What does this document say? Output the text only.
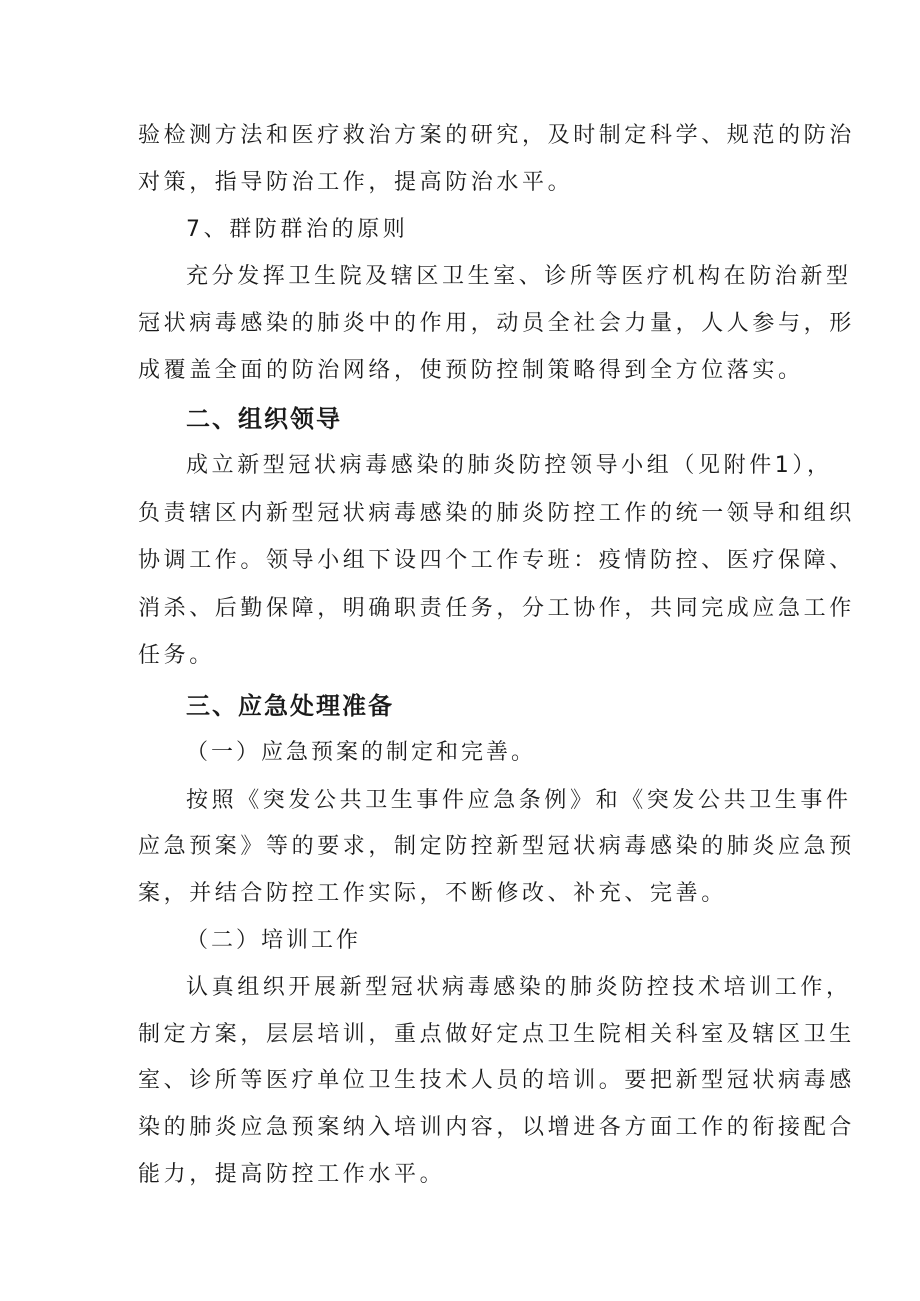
验检测方法和医疗救治方案的研究，及时制定科学、规范的防治
对策，指导防治工作，提高防治水平。
7、群防群治的原则
充分发挥卫生院及辖区卫生室、诊所等医疗机构在防治新型
冠状病毒感染的肺炎中的作用，动员全社会力量，人人参与，形
成覆盖全面的防治网络，使预防控制策略得到全方位落实。
二、组织领导
成立新型冠状病毒感染的肺炎防控领导小组（见附件1），
负责辖区内新型冠状病毒感染的肺炎防控工作的统一领导和组织
协调工作。领导小组下设四个工作专班：疫情防控、医疗保障、
消杀、后勤保障，明确职责任务，分工协作，共同完成应急工作
任务。
三、应急处理准备
（一）应急预案的制定和完善。
按照《突发公共卫生事件应急条例》和《突发公共卫生事件
应急预案》等的要求，制定防控新型冠状病毒感染的肺炎应急预
案，并结合防控工作实际，不断修改、补充、完善。
（二）培训工作
认真组织开展新型冠状病毒感染的肺炎防控技术培训工作，
制定方案，层层培训，重点做好定点卫生院相关科室及辖区卫生
室、诊所等医疗单位卫生技术人员的培训。要把新型冠状病毒感
染的肺炎应急预案纳入培训内容，以增进各方面工作的衔接配合
能力，提高防控工作水平。
